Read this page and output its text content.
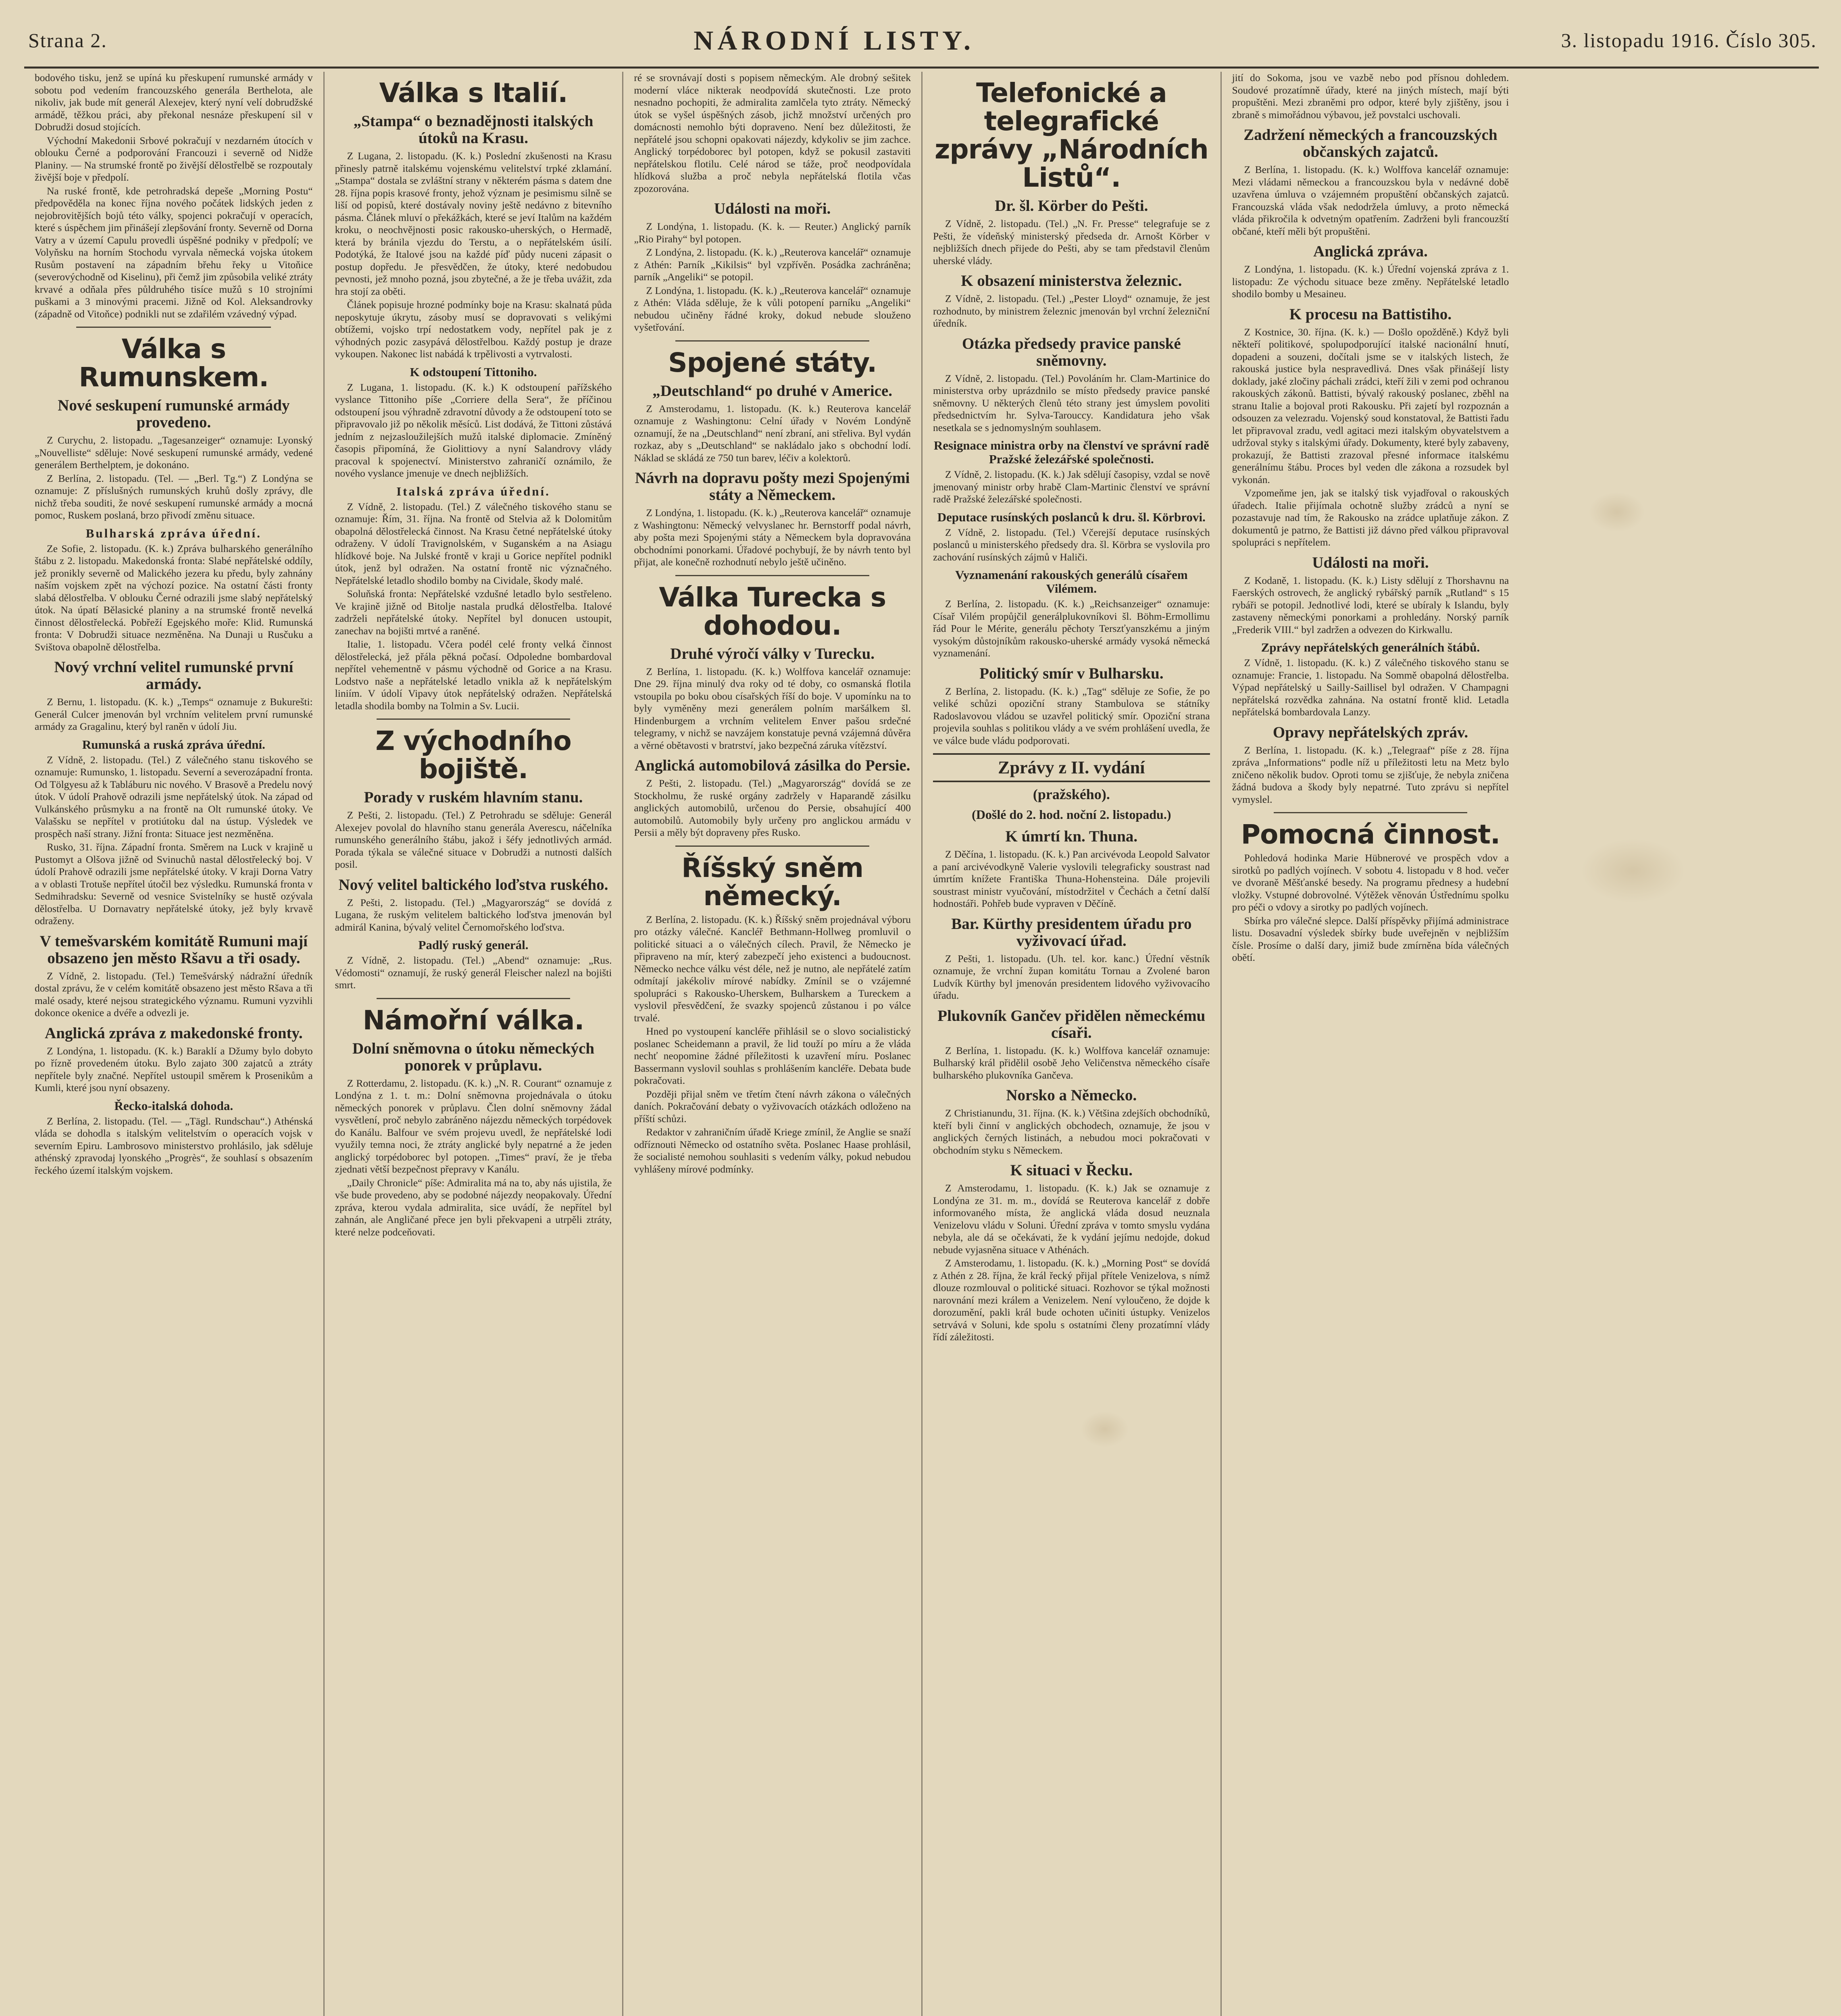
Strana 2.	NÁRODNÍ LISTY.	3. listopadu 1916. Číslo 305.

bodového tisku, jenž se upíná ku přeskupení rumunské armády v sobotu pod vedením francouzského generála Berthelota, ale nikoliv, jak bude mít generál Alexejev, který nyní velí dobrudžské armádě, těžkou práci, aby překonal nesnáze přeskupení sil v Dobrudži dosud stojících.

Východní Makedonii Srbové pokračují v nezdarném útocích v oblouku Černé a podporování Francouzi i severně od Nidže Planiny. — Na strumské frontě po živější dělostřelbě se rozpoutaly živější boje v předpolí.

Na ruské frontě, kde petrohradská depeše „Morning Postu“ předpověděla na konec října nového počátek lidských jeden z nejobrovitějších bojů této války, spojenci pokračují v operacích, které s úspěchem jim přinášejí zlepšování fronty. Severně od Dorna Vatry a v území Capulu provedli úspěšné podniky v předpolí; ve Volyňsku na horním Stochodu vyrvala německá vojska útokem Rusům postavení na západním břehu řeky u Vitoňice (severovýchodně od Kiselinu), při čemž jim způsobila veliké ztráty krvavé a odňala přes půldruhého tisíce mužů s 10 strojními puškami a 3 minovými pracemi. Jižně od Kol. Aleksandrovky (západně od Vitoňce) podnikli nut se zdařilém vzávedný výpad.

Válka s Rumunskem.
Nové seskupení rumunské armády provedeno.

Z Curychu, 2. listopadu. „Tagesanzeiger“ oznamuje: Lyonský „Nouvelliste“ sděluje: Nové seskupení rumunské armády, vedené generálem Berthelptem, je dokonáno.

Z Berlína, 2. listopadu. (Tel. — „Berl. Tg.“) Z Londýna se oznamuje: Z příslušných rumunských kruhů došly zprávy, dle nichž třeba souditi, že nové seskupení rumunské armády a mocná pomoc, Ruskem poslaná, brzo přivodí změnu situace.

Bulharská zpráva úřední.

Ze Sofie, 2. listopadu. (K. k.) Zpráva bulharského generálního štábu z 2. listopadu. Makedonská fronta: Slabé nepřátelské oddíly, jež pronikly severně od Malického jezera ku předu, byly zahnány naším vojskem zpět na výchozí pozice. Na ostatní části fronty slabá dělostřelba. V oblouku Černé odrazili jsme slabý nepřátelský útok. Na úpatí Bělasické planiny a na strumské frontě nevelká činnost dělostřelecká. Pobřeží Egejského moře: Klid. Rumunská fronta: V Dobrudži situace nezměněna. Na Dunaji u Rusčuku a Svištova obapolně dělostřelba.

Nový vrchní velitel rumunské první armády.

Z Bernu, 1. listopadu. (K. k.) „Temps“ oznamuje z Bukurešti: Generál Culcer jmenován byl vrchním velitelem první rumunské armády za Gragalinu, který byl raněn v údolí Jiu.

Rumunská a ruská zpráva úřední.

Z Vídně, 2. listopadu. (Tel.) Z válečného stanu tiskového se oznamuje: Rumunsko, 1. listopadu. Severní a severozápadní fronta. Od Tölgyesu až k Tabláburu nic nového. V Brasově a Predelu nový útok. V údolí Prahově odrazili jsme nepřátelský útok. Na západ od Vulkánského průsmyku a na frontě na Olt rumunské útoky. Ve Valašsku se nepřítel v protiútoku dal na ústup. Výsledek ve prospěch naší strany. Jižní fronta: Situace jest nezměněna.

Rusko, 31. října. Západní fronta. Směrem na Luck v krajině u Pustomyt a Olšova jižně od Svinuchů nastal dělostřelecký boj. V údolí Prahově odrazili jsme nepřátelské útoky. V kraji Dorna Vatry a v oblasti Trotuše nepřítel útočil bez výsledku. Rumunská fronta v Sedmihradsku: Severně od vesnice Svistelníky se hustě ozývala dělostřelba. U Dornavatry nepřátelské útoky, jež byly krvavě odraženy.

V temešvarském komitátě Rumuni mají obsazeno jen město Ršavu a tři osady.

Z Vídně, 2. listopadu. (Tel.) Temešvárský nádražní úředník dostal zprávu, že v celém komitátě obsazeno jest město Ršava a tři malé osady, které nejsou strategického významu. Rumuni vyzvihli dokonce okenice a dvéře a odvezli je.

Anglická zpráva z makedonské fronty.

Z Londýna, 1. listopadu. (K. k.) Baraklí a Džumy bylo dobyto po řízně provedeném útoku. Bylo zajato 300 zajatců a ztráty nepřítele byly značné. Nepřítel ustoupil směrem k Prosenikům a Kumli, které jsou nyní obsazeny.

Řecko-italská dohoda.

Z Berlína, 2. listopadu. (Tel. — „Tägl. Rundschau“.) Athénská vláda se dohodla s italským velitelstvím o operacích vojsk v severním Epiru. Lambrosovo ministerstvo prohlásilo, jak sděluje athénský zpravodaj lyonského „Progrès“, že souhlasí s obsazením řeckého území italským vojskem.

Válka s Italií.
„Stampa“ o beznadějnosti italských útoků na Krasu.

Z Lugana, 2. listopadu. (K. k.) Poslední zkušenosti na Krasu přinesly patrně italskému vojenskému velitelství trpké zklamání. „Stampa“ dostala se zvláštní strany v některém pásma s datem dne 28. října popis krasové fronty, jehož význam je pesimismu silně se liší od popisů, které dostávaly noviny ještě nedávno z bitevního pásma. Článek mluví o překážkách, které se jeví Italům na každém kroku, o neochvějnosti posic rakousko-uherských, o Hermadě, která by bránila vjezdu do Terstu, a o nepřátelském úsilí. Podotýká, že Italové jsou na každé píď půdy nuceni zápasit o postup dopředu. Je přesvědčen, že útoky, které nedobudou pevnosti, jež mnoho pozná, jsou zbytečné, a že je třeba uvážit, zda hra stojí za oběti.

Článek popisuje hrozné podmínky boje na Krasu: skalnatá půda neposkytuje úkrytu, zásoby musí se dopravovati s velikými obtížemi, vojsko trpí nedostatkem vody, nepřítel pak je z výhodných pozic zasypává dělostřelbou. Každý postup je draze vykoupen. Nakonec list nabádá k trpělivosti a vytrvalosti.

K odstoupení Tittoniho.

Z Lugana, 1. listopadu. (K. k.) K odstoupení pařížského vyslance Tittoniho píše „Corriere della Sera“, že příčinou odstoupení jsou výhradně zdravotní důvody a že odstoupení toto se připravovalo již po několik měsíců. List dodává, že Tittoni zůstává jedním z nejzasloužilejších mužů italské diplomacie. Zmíněný časopis připomíná, že Giolittiovy a nyní Salandrovy vlády pracoval k spojenectví. Ministerstvo zahraničí oznámilo, že nového vyslance jmenuje ve dnech nejbližších.

Italská zpráva úřední.

Z Vídně, 2. listopadu. (Tel.) Z válečného tiskového stanu se oznamuje: Řím, 31. října. Na frontě od Stelvia až k Dolomitům obapolná dělostřelecká činnost. Na Krasu četné nepřátelské útoky odraženy. V údolí Travignolském, v Suganském a na Asiagu hlídkové boje. Na Julské frontě v kraji u Gorice nepřítel podnikl útok, jenž byl odražen. Na ostatní frontě nic význačného. Nepřátelské letadlo shodilo bomby na Cividale, škody malé.

Soluňská fronta: Nepřátelské vzdušné letadlo bylo sestřeleno. Ve krajině jižně od Bitolje nastala prudká dělostřelba. Italové zadrželi nepřátelské útoky. Nepřítel byl donucen ustoupit, zanechav na bojišti mrtvé a raněné.

Italie, 1. listopadu. Včera podél celé fronty velká činnost dělostřelecká, jež přála pěkná počasí. Odpoledne bombardoval nepřítel vehementně v pásmu východně od Gorice a na Krasu. Lodstvo naše a nepřátelské letadlo vnikla až k nepřátelským liniím. V údolí Vipavy útok nepřátelský odražen. Nepřátelská letadla shodila bomby na Tolmin a Sv. Lucii.

Z východního bojiště.
Porady v ruském hlavním stanu.

Z Pešti, 2. listopadu. (Tel.) Z Petrohradu se sděluje: Generál Alexejev povolal do hlavního stanu generála Averescu, náčelníka rumunského generálního štábu, jakož i šéfy jednotlivých armád. Porada týkala se válečné situace v Dobrudži a nutnosti dalších posil.

Nový velitel baltického loďstva ruského.

Z Pešti, 2. listopadu. (Tel.) „Magyarország“ se dovídá z Lugana, že ruským velitelem baltického loďstva jmenován byl admirál Kanina, bývalý velitel Černomořského loďstva.

Padlý ruský generál.

Z Vídně, 2. listopadu. (Tel.) „Abend“ oznamuje: „Rus. Védomosti“ oznamují, že ruský generál Fleischer nalezl na bojišti smrt.

Námořní válka.
Dolní sněmovna o útoku německých ponorek v průplavu.

Z Rotterdamu, 2. listopadu. (K. k.) „N. R. Courant“ oznamuje z Londýna z 1. t. m.: Dolní sněmovna projednávala o útoku německých ponorek v průplavu. Člen dolní sněmovny žádal vysvětlení, proč nebylo zabráněno nájezdu německých torpédovek do Kanálu. Balfour ve svém projevu uvedl, že nepřátelské lodi využily temna noci, že ztráty anglické byly nepatrné a že jeden anglický torpédoborec byl potopen. „Times“ praví, že je třeba zjednati větší bezpečnost přepravy v Kanálu.

„Daily Chronicle“ píše: Admiralita má na to, aby nás ujistila, že vše bude provedeno, aby se podobné nájezdy neopakovaly. Úřední zpráva, kterou vydala admiralita, sice uvádí, že nepřítel byl zahnán, ale Angličané přece jen byli překvapeni a utrpěli ztráty, které nelze podceňovati.

ré se srovnávají dosti s popisem německým. Ale drobný sešitek moderní vláce nikterak neodpovídá skutečnosti. Lze proto nesnadno pochopiti, že admiralita zamlčela tyto ztráty. Německý útok se vyšel úspěšných zásob, jichž množství určených pro domácnosti nemohlo býti dopraveno. Není bez důležitosti, že nepřátelé jsou schopni opakovati nájezdy, kdykoliv se jim zachce. Anglický torpédoborec byl potopen, když se pokusil zastaviti nepřátelskou flotilu. Celé národ se táže, proč neodpovídala hlídková služba a proč nebyla nepřátelská flotila včas zpozorována.

Události na moři.

Z Londýna, 1. listopadu. (K. k. — Reuter.) Anglický parník „Rio Pirahy“ byl potopen.

Z Londýna, 2. listopadu. (K. k.) „Reuterova kancelář“ oznamuje z Athén: Parník „Kikilsis“ byl vzpřívěn. Posádka zachráněna; parník „Angeliki“ se potopil.

Z Londýna, 1. listopadu. (K. k.) „Reuterova kancelář“ oznamuje z Athén: Vláda sděluje, že k vůli potopení parníku „Angeliki“ nebudou učiněny řádné kroky, dokud nebude slouženo vyšetřování.

Spojené státy.
„Deutschland“ po druhé v Americe.

Z Amsterodamu, 1. listopadu. (K. k.) Reuterova kancelář oznamuje z Washingtonu: Celní úřady v Novém Londýně oznamují, že na „Deutschland“ není zbraní, ani střeliva. Byl vydán rozkaz, aby s „Deutschland“ se nakládalo jako s obchodní lodí. Náklad se skládá ze 750 tun barev, léčiv a kolektorů.

Návrh na dopravu pošty mezi Spojenými státy a Německem.

Z Londýna, 1. listopadu. (K. k.) „Reuterova kancelář“ oznamuje z Washingtonu: Německý velvyslanec hr. Bernstorff podal návrh, aby pošta mezi Spojenými státy a Německem byla dopravována obchodními ponorkami. Úřadové pochybují, že by návrh tento byl přijat, ale konečně rozhodnutí nebylo ještě učiněno.

Válka Turecka s dohodou.
Druhé výročí války v Turecku.

Z Berlína, 1. listopadu. (K. k.) Wolffova kancelář oznamuje: Dne 29. října minulý dva roky od té doby, co osmanská flotila vstoupila po boku obou císařských říší do boje. V upomínku na to byly vyměněny mezi generálem polním maršálkem šl. Hindenburgem a vrchním velitelem Enver pašou srdečné telegramy, v nichž se navzájem konstatuje pevná vzájemná důvěra a věrné obětavosti v bratrství, jako bezpečná záruka vítězství.

Anglická automobilová zásilka do Persie.

Z Pešti, 2. listopadu. (Tel.) „Magyarország“ dovídá se ze Stockholmu, že ruské orgány zadržely v Haparandě zásilku anglických automobilů, určenou do Persie, obsahující 400 automobilů. Automobily byly určeny pro anglickou armádu v Persii a měly být dopraveny přes Rusko.

Říšský sněm německý.

Z Berlína, 2. listopadu. (K. k.) Říšský sněm projednával výboru pro otázky válečné. Kancléř Bethmann-Hollweg promluvil o politické situaci a o válečných cílech. Pravil, že Německo je připraveno na mír, který zabezpečí jeho existenci a budoucnost. Německo nechce válku vést déle, než je nutno, ale nepřátelé zatím odmítají jakékoliv mírové nabídky. Zmínil se o vzájemné spolupráci s Rakousko-Uherskem, Bulharskem a Tureckem a vyslovil přesvědčení, že svazky spojenců zůstanou i po válce trvalé.

Hned po vystoupení kancléře přihlásil se o slovo socialistický poslanec Scheidemann a pravil, že lid touží po míru a že vláda nechť neopomine žádné příležitosti k uzavření míru. Poslanec Bassermann vyslovil souhlas s prohlášením kancléře. Debata bude pokračovati.

Později přijal sněm ve třetím čtení návrh zákona o válečných daních. Pokračování debaty o vyživovacích otázkách odloženo na příští schůzi.

Redaktor v zahraničním úřadě Kriege zmínil, že Anglie se snaží odříznouti Německo od ostatního světa. Poslanec Haase prohlásil, že socialisté nemohou souhlasiti s vedením války, pokud nebudou vyhlášeny mírové podmínky.

Telefonické a telegrafické zprávy „Národních Listů“.
Dr. šl. Körber do Pešti.

Z Vídně, 2. listopadu. (Tel.) „N. Fr. Presse“ telegrafuje se z Pešti, že vídeňský ministerský předseda dr. Arnošt Körber v nejbližších dnech přijede do Pešti, aby se tam představil členům uherské vlády.

K obsazení ministerstva železnic.

Z Vídně, 2. listopadu. (Tel.) „Pester Lloyd“ oznamuje, že jest rozhodnuto, by ministrem železnic jmenován byl vrchní železniční úředník.

Otázka předsedy pravice panské sněmovny.

Z Vídně, 2. listopadu. (Tel.) Povoláním hr. Clam-Martinice do ministerstva orby uprázdnilo se místo předsedy pravice panské sněmovny. U některých členů této strany jest úmyslem povoliti předsednictvím hr. Sylva-Tarouccy. Kandidatura jeho však nesetkala se s jednomyslným souhlasem.

Resignace ministra orby na členství ve správní radě Pražské železářské společnosti.

Z Vídně, 2. listopadu. (K. k.) Jak sdělují časopisy, vzdal se nově jmenovaný ministr orby hrabě Clam-Martinic členství ve správní radě Pražské železářské společnosti.

Deputace rusínských poslanců k dru. šl. Körbrovi.

Z Vídně, 2. listopadu. (Tel.) Včerejší deputace rusínských poslanců u ministerského předsedy dra. šl. Körbra se vyslovila pro zachování rusínských zájmů v Haliči.

Vyznamenání rakouských generálů císařem Vilémem.

Z Berlína, 2. listopadu. (K. k.) „Reichsanzeiger“ oznamuje: Císař Vilém propůjčil generálplukovníkovi šl. Böhm-Ermollimu řád Pour le Mérite, generálu pěchoty Terszťyanszkému a jiným vysokým důstojníkům rakousko-uherské armády vysoká německá vyznamenání.

Politický smír v Bulharsku.

Z Berlína, 2. listopadu. (K. k.) „Tag“ sděluje ze Sofie, že po veliké schůzi opoziční strany Stambulova se státníky Radoslavovou vládou se uzavřel politický smír. Opoziční strana projevila souhlas s politikou vlády a ve svém prohlášení uvedla, že ve válce bude vládu podporovati.

Zprávy z II. vydání
(pražského).
(Došlé do 2. hod. noční 2. listopadu.)
K úmrtí kn. Thuna.

Z Děčína, 1. listopadu. (K. k.) Pan arcivévoda Leopold Salvator a paní arcivévodkyně Valerie vyslovili telegraficky soustrast nad úmrtím knížete Františka Thuna-Hohensteina. Dále projevili soustrast ministr vyučování, místodržitel v Čechách a četní další hodnostáři. Pohřeb bude vypraven v Děčíně.

Bar. Kürthy presidentem úřadu pro vyživovací úřad.

Z Pešti, 1. listopadu. (Uh. tel. kor. kanc.) Úřední věstník oznamuje, že vrchní župan komitátu Tornau a Zvolené baron Ludvík Kürthy byl jmenován presidentem lidového vyživovacího úřadu.

Plukovník Gančev přidělen německému císaři.

Z Berlína, 1. listopadu. (K. k.) Wolffova kancelář oznamuje: Bulharský král přidělil osobě Jeho Veličenstva německého císaře bulharského plukovníka Gančeva.

Norsko a Německo.

Z Christianundu, 31. října. (K. k.) Většina zdejších obchodníků, kteří byli činní v anglických obchodech, oznamuje, že jsou v anglických černých listinách, a nebudou moci pokračovati v obchodním styku s Německem.

K situaci v Řecku.

Z Amsterodamu, 1. listopadu. (K. k.) Jak se oznamuje z Londýna ze 31. m. m., dovídá se Reuterova kancelář z dobře informovaného místa, že anglická vláda dosud neuznala Venizelovu vládu v Soluni. Úřední zpráva v tomto smyslu vydána nebyla, ale dá se očekávati, že k vydání jejímu nedojde, dokud nebude vyjasněna situace v Athénách.

Z Amsterodamu, 1. listopadu. (K. k.) „Morning Post“ se dovídá z Athén z 28. října, že král řecký přijal přítele Venizelova, s nímž dlouze rozmlouval o politické situaci. Rozhovor se týkal možnosti narovnání mezi králem a Venizelem. Není vyloučeno, že dojde k dorozumění, pakli král bude ochoten učiniti ústupky. Venizelos setrvává v Soluni, kde spolu s ostatními členy prozatímní vlády řídí záležitosti.

jití do Sokoma, jsou ve vazbě nebo pod přísnou dohledem. Soudové prozatímně úřady, které na jiných místech, mají býti propuštěni. Mezi zbraněmi pro odpor, které byly zjištěny, jsou i zbraně s mimořádnou výbavou, jež povstalci uschovali.

Zadržení německých a francouzských občanských zajatců.

Z Berlína, 1. listopadu. (K. k.) Wolffova kancelář oznamuje: Mezi vládami německou a francouzskou byla v nedávné době uzavřena úmluva o vzájemném propuštění občanských zajatců. Francouzská vláda však nedodržela úmluvy, a proto německá vláda přikročila k odvetným opatřením. Zadrženi byli francouzští občané, kteří měli být propuštěni.

Anglická zpráva.

Z Londýna, 1. listopadu. (K. k.) Úřední vojenská zpráva z 1. listopadu: Ze východu situace beze změny. Nepřátelské letadlo shodilo bomby u Mesaineu.

K procesu na Battistiho.

Z Kostnice, 30. října. (K. k.) — Došlo opožděně.) Když byli někteří politikové, spolupodporující italské nacionální hnutí, dopadeni a souzeni, dočítali jsme se v italských listech, že rakouská justice byla nespravedlivá. Dnes však přinášejí listy doklady, jaké zločiny páchali zrádci, kteří žili v zemi pod ochranou rakouských zákonů. Battisti, bývalý rakouský poslanec, zběhl na stranu Italie a bojoval proti Rakousku. Při zajetí byl rozpoznán a odsouzen za velezradu. Vojenský soud konstatoval, že Battisti řadu let připravoval zradu, vedl agitaci mezi italským obyvatelstvem a udržoval styky s italskými úřady. Dokumenty, které byly zabaveny, prokazují, že Battisti zrazoval přesné informace italskému generálnímu štábu. Proces byl veden dle zákona a rozsudek byl vykonán.

Vzpomeňme jen, jak se italský tisk vyjadřoval o rakouských úřadech. Italie přijímala ochotně služby zrádců a nyní se pozastavuje nad tím, že Rakousko na zrádce uplatňuje zákon. Z dokumentů je patrno, že Battisti již dávno před válkou připravoval spolupráci s nepřítelem.

Události na moři.

Z Kodaně, 1. listopadu. (K. k.) Listy sdělují z Thorshavnu na Faerských ostrovech, že anglický rybářský parník „Rutland“ s 15 rybáři se potopil. Jednotlivé lodi, které se ubíraly k Islandu, byly zastaveny německými ponorkami a prohledány. Norský parník „Frederik VIII.“ byl zadržen a odvezen do Kirkwallu.

Zprávy nepřátelských generálních štábů.

Z Vídně, 1. listopadu. (K. k.) Z válečného tiskového stanu se oznamuje: Francie, 1. listopadu. Na Sommě obapolná dělostřelba. Výpad nepřátelský u Sailly-Saillisel byl odražen. V Champagni nepřátelská rozvědka zahnána. Na ostatní frontě klid. Letadla nepřátelská bombardovala Lanzy.

Opravy nepřátelských zpráv.

Z Berlína, 1. listopadu. (K. k.) „Telegraaf“ píše z 28. října zpráva „Informations“ podle níž u příležitosti letu na Metz bylo zničeno několik budov. Oproti tomu se zjišťuje, že nebyla zničena žádná budova a škody byly nepatrné. Tuto zprávu si nepřítel vymyslel.

Pomocná činnost.

Pohledová hodinka Marie Hübnerové ve prospěch vdov a sirotků po padlých vojínech. V sobotu 4. listopadu v 8 hod. večer ve dvoraně Měšťanské besedy. Na programu přednesy a hudební vložky. Vstupné dobrovolné. Výtěžek věnován Ústřednímu spolku pro péči o vdovy a sirotky po padlých vojínech.

Sbírka pro válečné slepce. Další příspěvky přijímá administrace listu. Dosavadní výsledek sbírky bude uveřejněn v nejbližším čísle. Prosíme o další dary, jimiž bude zmírněna bída válečných obětí.
